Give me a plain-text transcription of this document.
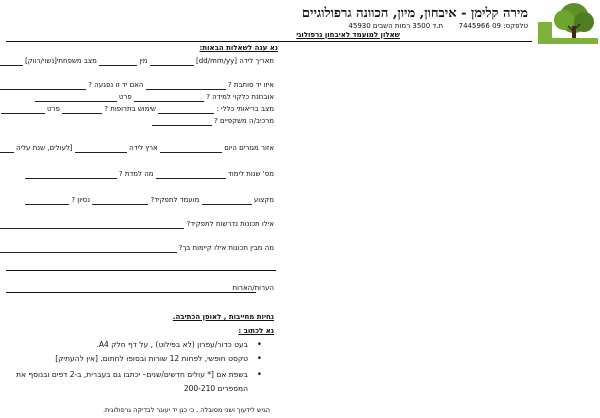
מירה קלימן - איבחון, מיון, הכוונה גרפולוגיים
טלפקס: 09 7445966       ת.ד 3500 רמות השבים 45930
שאלון למועמד לאיבחון גרפולוגי
נא ענה לשאלות הבאות:
תאריך לידה [dd/mm/yy]  מין  מצב משפחתי[נשוי/רווק]
איזו יד סותבת ?  האם יד זו נפגעה ?
אובחנת כלקוי למידה ?  פרט
מצב בריאותי כללי :  שימוש בתרופות ?  פרט
מרכיב/ה משקפיים ?
אזור מגורים היום  ארץ לידה  [לעולים, שנת עליה
מס' שנות לימוד  מה למדת ?
מקצוע  מועמד לתפקיד?  נסיון ?
אילו תכונות נדרשות לתפקיד?
מה מבין תכונות אילו קיימות בך?
הערות/הארות
נחיות מחייבות , לאופן הכתיבה.
נא לכתוב :
• בעט כדור/עפרון (לא בפילוט) , על דף חלק A4.
• טקסט חופשי, לפחות 12 שורות ובסופו לחתום. [אין להעתיק]
• בשפת אם [* עולים חדשים/שנים– יכתבו גם בעברית, ב-2 דפים ובנוסף את
המספרים 200-210
הגיש לידעוך ושני מסובלה , כי כנן יד יעוגר לבדיקה גרפולוגית.
